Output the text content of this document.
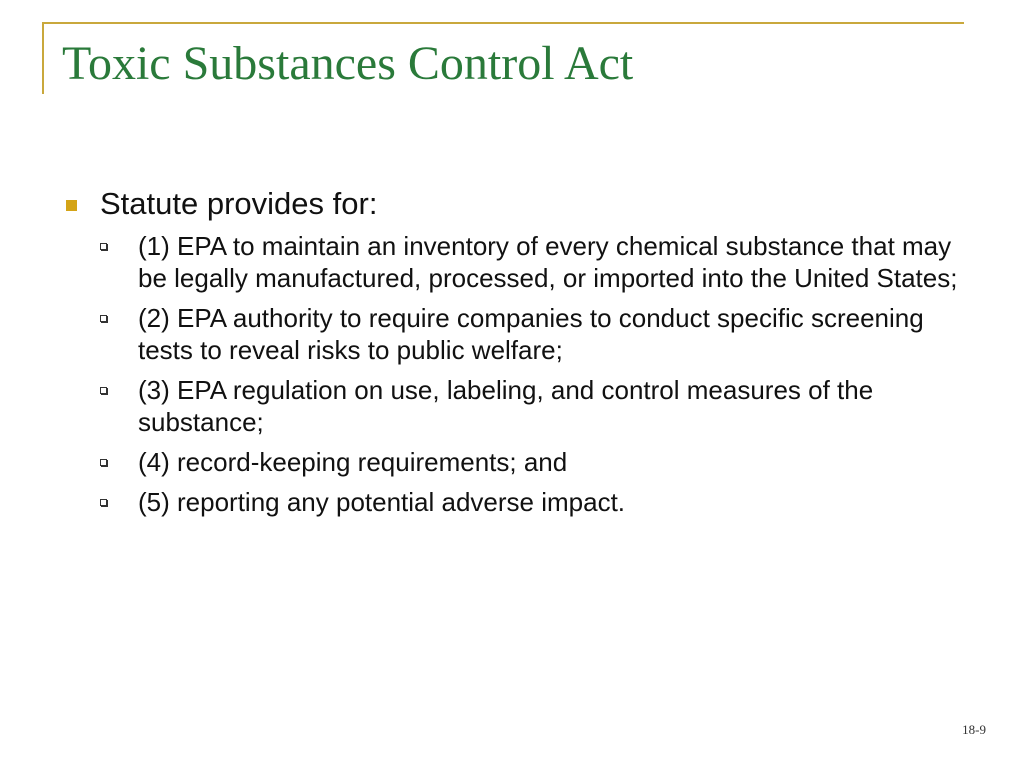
Toxic Substances Control Act
Statute provides for:
(1) EPA to maintain an inventory of every chemical substance that may be legally manufactured, processed, or imported into the United States;
(2) EPA authority to require companies to conduct specific screening tests to reveal risks to public welfare;
(3) EPA regulation on use, labeling, and control measures of the substance;
(4) record-keeping requirements; and
(5) reporting any potential adverse impact.
18-9
